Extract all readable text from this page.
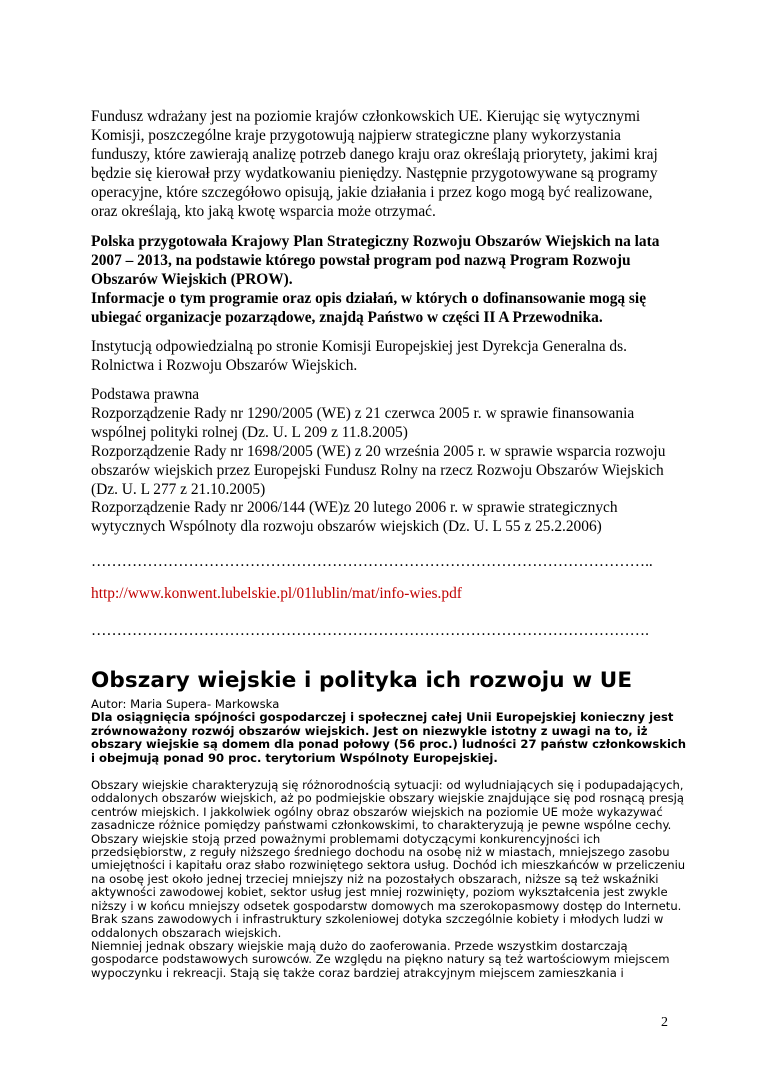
Fundusz wdrażany jest na poziomie krajów członkowskich UE. Kierując się wytycznymi Komisji, poszczególne kraje przygotowują najpierw strategiczne plany wykorzystania funduszy, które zawierają analizę potrzeb danego kraju oraz określają priorytety, jakimi kraj będzie się kierował przy wydatkowaniu pieniędzy. Następnie przygotowywane są programy operacyjne, które szczegółowo opisują, jakie działania i przez kogo mogą być realizowane, oraz określają, kto jaką kwotę wsparcia może otrzymać.

Polska przygotowała Krajowy Plan Strategiczny Rozwoju Obszarów Wiejskich na lata 2007 – 2013, na podstawie którego powstał program pod nazwą Program Rozwoju Obszarów Wiejskich (PROW).

Informacje o tym programie oraz opis działań, w których o dofinansowanie mogą się ubiegać organizacje pozarządowe, znajdą Państwo w części II A Przewodnika.

Instytucją odpowiedzialną po stronie Komisji Europejskiej jest Dyrekcja Generalna ds. Rolnictwa i Rozwoju Obszarów Wiejskich.

Podstawa prawna

Rozporządzenie Rady nr 1290/2005 (WE) z 21 czerwca 2005 r. w sprawie finansowania wspólnej polityki rolnej (Dz. U. L 209 z 11.8.2005)

Rozporządzenie Rady nr 1698/2005 (WE) z 20 września 2005 r. w sprawie wsparcia rozwoju obszarów wiejskich przez Europejski Fundusz Rolny na rzecz Rozwoju Obszarów Wiejskich (Dz. U. L 277 z 21.10.2005)

Rozporządzenie Rady nr 2006/144 (WE)z 20 lutego 2006 r. w sprawie strategicznych wytycznych Wspólnoty dla rozwoju obszarów wiejskich (Dz. U. L 55 z 25.2.2006)

………………………………………………………………………………………………..
http://www.konwent.lubelskie.pl/01lublin/mat/info-wies.pdf
……………………………………………………………………………………………….
Obszary wiejskie i polityka ich rozwoju w UE
Autor: Maria Supera- Markowska
Dla osiągnięcia spójności gospodarczej i społecznej całej Unii Europejskiej konieczny jest zrównoważony rozwój obszarów wiejskich. Jest on niezwykle istotny z uwagi na to, iż obszary wiejskie są domem dla ponad połowy (56 proc.) ludności 27 państw członkowskich i obejmują ponad 90 proc. terytorium Wspólnoty Europejskiej.
Obszary wiejskie charakteryzują się różnorodnością sytuacji: od wyludniających się i podupadających, oddalonych obszarów wiejskich, aż po podmiejskie obszary wiejskie znajdujące się pod rosnącą presją centrów miejskich. I jakkolwiek ogólny obraz obszarów wiejskich na poziomie UE może wykazywać zasadnicze różnice pomiędzy państwami członkowskimi, to charakteryzują je pewne wspólne cechy. Obszary wiejskie stoją przed poważnymi problemami dotyczącymi konkurencyjności ich przedsiębiorstw, z reguły niższego średniego dochodu na osobę niż w miastach, mniejszego zasobu umiejętności i kapitału oraz słabo rozwiniętego sektora usług. Dochód ich mieszkańców w przeliczeniu na osobę jest około jednej trzeciej mniejszy niż na pozostałych obszarach, niższe są też wskaźniki aktywności zawodowej kobiet, sektor usług jest mniej rozwinięty, poziom wykształcenia jest zwykle niższy i w końcu mniejszy odsetek gospodarstw domowych ma szerokopasmowy dostęp do Internetu. Brak szans zawodowych i infrastruktury szkoleniowej dotyka szczególnie kobiety i młodych ludzi w oddalonych obszarach wiejskich.
Niemniej jednak obszary wiejskie mają dużo do zaoferowania. Przede wszystkim dostarczają gospodarce podstawowych surowców. Ze względu na piękno natury są też wartościowym miejscem wypoczynku i rekreacji. Stają się także coraz bardziej atrakcyjnym miejscem zamieszkania i
2
